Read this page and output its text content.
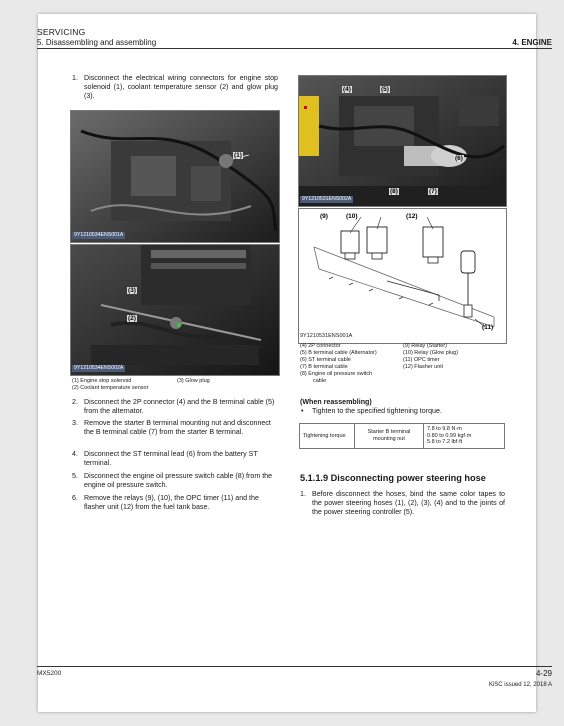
SERVICING
5. Disassembling and assembling	4. ENGINE
1. Disconnect the electrical wiring connectors for engine stop solenoid (1), coolant temperature sensor (2) and glow plug (3).
(1)
9Y1210534ENS001A
(3)
(2)
9Y1210534ENS002A
(1) Engine stop solenoid	(3) Glow plug
(2) Coolant temperature sensor
(4)	(5)
(6)
(7)
(8)
9Y1210531ENS002A
(9)	(10)	(12)
(11)
9Y1210531ENS001A
(4) 2P connector
(5) B terminal cable (Alternator)
(6) ST terminal cable
(7) B terminal cable
(8) Engine oil pressure switch
cable
(9) Relay (Starter)
(10) Relay (Glow plug)
(11) OPC timer
(12) Flasher unit
2. Disconnect the 2P connector (4) and the B terminal cable (5) from the alternator.
3. Remove the starter B terminal mounting nut and disconnect the B terminal cable (7) from the starter B terminal.
4. Disconnect the ST terminal lead (6) from the battery ST terminal.
5. Disconnect the engine oil pressure switch cable (8) from the engine oil pressure switch.
6. Remove the relays (9), (10), the OPC timer (11) and the flasher unit (12) from the fuel tank base.
(When reassembling)
• Tighten to the specified tightening torque.
Tightening torque	Starter B terminal mounting nut	
7.8 to 9.8 N·m
0.80 to 0.99 kgf·m
5.8 to 7.2 lbf·ft
5.1.1.9 Disconnecting power steering hose
1. Before disconnect the hoses, bind the same color tapes to the power steering hoses (1), (2), (3), (4) and to the joints of the power steering controller (5).
MX5200	4-29
KiSC issued 12, 2018 A
